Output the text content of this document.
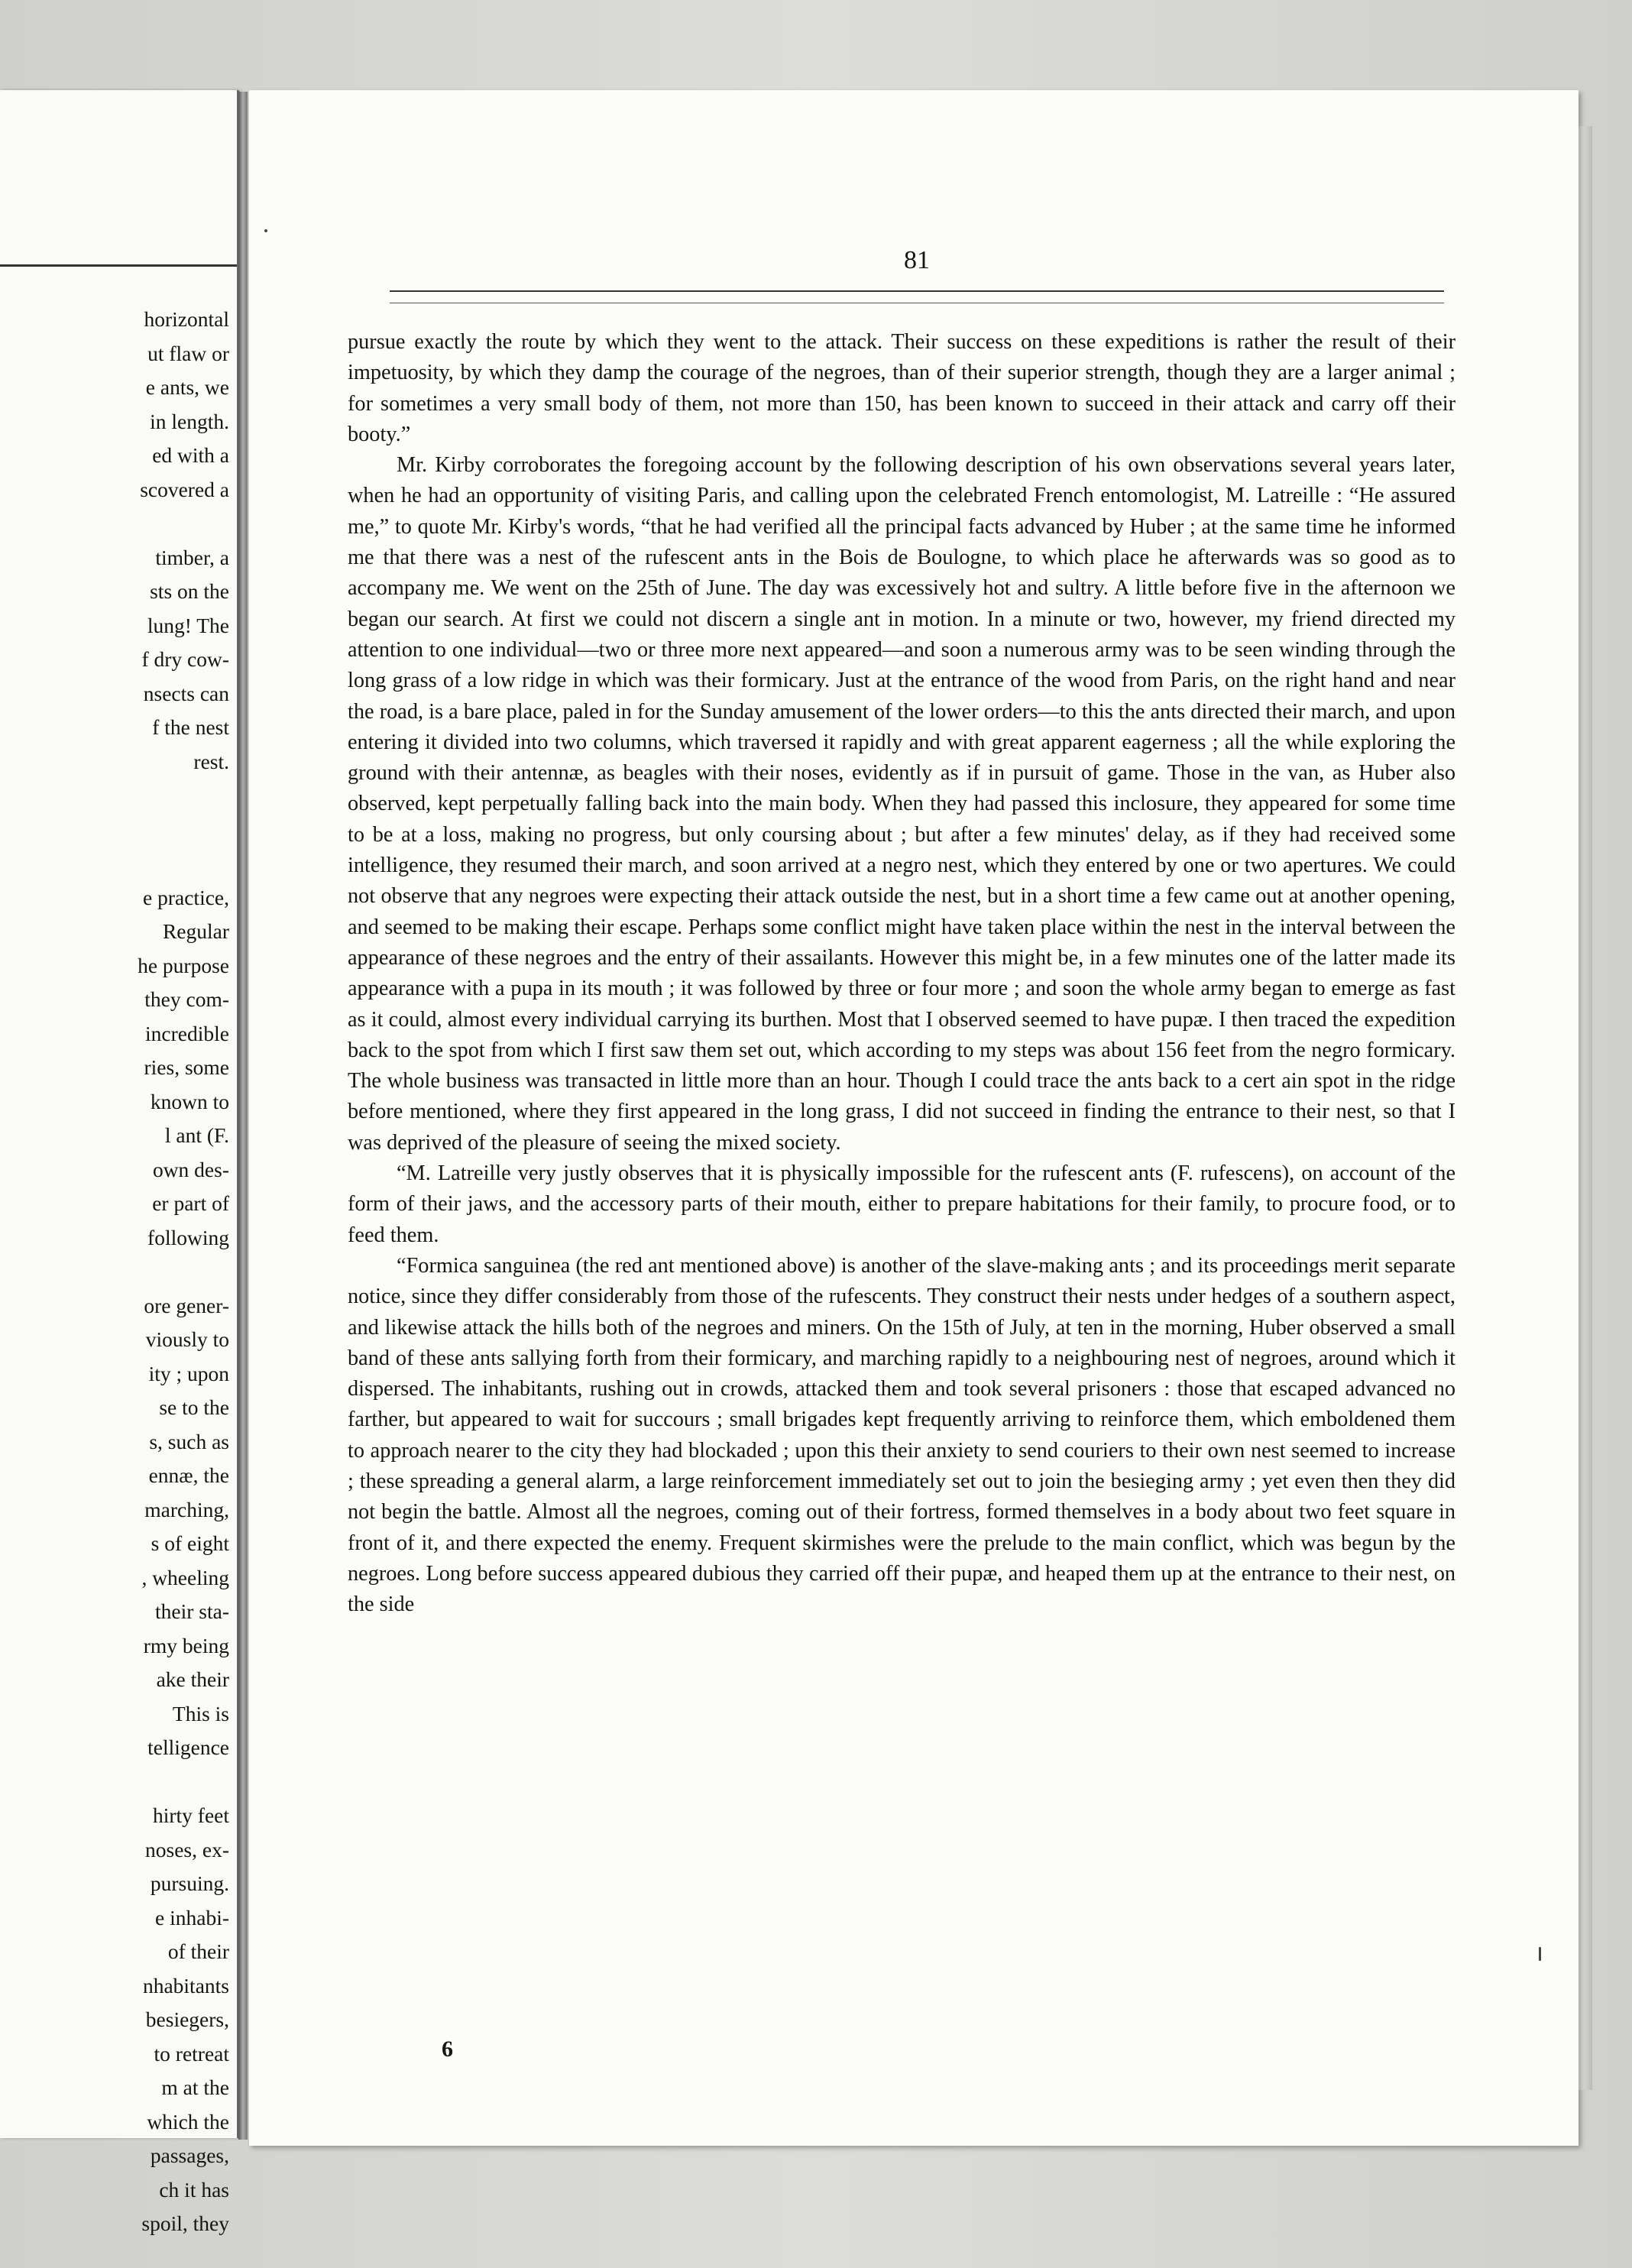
horizontal
ut flaw or
e ants, we
in length.
ed with a
scovered a
timber, a
sts on the
lung! The
f dry cow-
nsects can
f the nest
rest.
e practice,
Regular
he purpose
they com-
incredible
ries, some
known to
l ant (F.
own des-
er part of
following
ore gener-
viously to
ity ; upon
se to the
s, such as
ennæ, the
marching,
s of eight
, wheeling
their sta-
rmy being
ake their
This is
telligence
hirty feet
noses, ex-
pursuing.
e inhabi-
of their
nhabitants
besiegers,
to retreat
m at the
which the
passages,
ch it has
spoil, they
81

pursue exactly the route by which they went to the attack. Their success on these expeditions is rather the result of their impetuosity, by which they damp the courage of the negroes, than of their superior strength, though they are a larger animal ; for sometimes a very small body of them, not more than 150, has been known to succeed in their attack and carry off their booty.”

Mr. Kirby corroborates the foregoing account by the following description of his own observations several years later, when he had an opportunity of visiting Paris, and calling upon the celebrated French entomologist, M. Latreille : “He assured me,” to quote Mr. Kirby's words, “that he had verified all the principal facts advanced by Huber ; at the same time he informed me that there was a nest of the rufescent ants in the Bois de Boulogne, to which place he afterwards was so good as to accompany me. We went on the 25th of June. The day was excessively hot and sultry. A little before five in the afternoon we began our search. At first we could not discern a single ant in motion. In a minute or two, however, my friend directed my attention to one individual—two or three more next appeared—and soon a numerous army was to be seen winding through the long grass of a low ridge in which was their formicary. Just at the entrance of the wood from Paris, on the right hand and near the road, is a bare place, paled in for the Sunday amusement of the lower orders—to this the ants directed their march, and upon entering it divided into two columns, which traversed it rapidly and with great apparent eagerness ; all the while exploring the ground with their antennæ, as beagles with their noses, evidently as if in pursuit of game. Those in the van, as Huber also observed, kept perpetually falling back into the main body. When they had passed this inclosure, they appeared for some time to be at a loss, making no progress, but only coursing about ; but after a few minutes' delay, as if they had received some intelligence, they resumed their march, and soon arrived at a negro nest, which they entered by one or two apertures. We could not observe that any negroes were expecting their attack outside the nest, but in a short time a few came out at another opening, and seemed to be making their escape. Perhaps some conflict might have taken place within the nest in the interval between the appearance of these negroes and the entry of their assailants. However this might be, in a few minutes one of the latter made its appearance with a pupa in its mouth ; it was followed by three or four more ; and soon the whole army began to emerge as fast as it could, almost every individual carrying its burthen. Most that I observed seemed to have pupæ. I then traced the expedition back to the spot from which I first saw them set out, which according to my steps was about 156 feet from the negro formicary. The whole business was transacted in little more than an hour. Though I could trace the ants back to a cert ain spot in the ridge before mentioned, where they first appeared in the long grass, I did not succeed in finding the entrance to their nest, so that I was deprived of the pleasure of seeing the mixed society.

“M. Latreille very justly observes that it is physically impossible for the rufescent ants (F. rufescens), on account of the form of their jaws, and the accessory parts of their mouth, either to prepare habitations for their family, to procure food, or to feed them.

“Formica sanguinea (the red ant mentioned above) is another of the slave-making ants ; and its proceedings merit separate notice, since they differ considerably from those of the rufescents. They construct their nests under hedges of a southern aspect, and likewise attack the hills both of the negroes and miners. On the 15th of July, at ten in the morning, Huber observed a small band of these ants sallying forth from their formicary, and marching rapidly to a neighbouring nest of negroes, around which it dispersed. The inhabitants, rushing out in crowds, attacked them and took several prisoners : those that escaped advanced no farther, but appeared to wait for succours ; small brigades kept frequently arriving to reinforce them, which emboldened them to approach nearer to the city they had blockaded ; upon this their anxiety to send couriers to their own nest seemed to increase ; these spreading a general alarm, a large reinforcement immediately set out to join the besieging army ; yet even then they did not begin the battle. Almost all the negroes, coming out of their fortress, formed themselves in a body about two feet square in front of it, and there expected the enemy. Frequent skirmishes were the prelude to the main conflict, which was begun by the negroes. Long before success appeared dubious they carried off their pupæ, and heaped them up at the entrance to their nest, on the side

6
